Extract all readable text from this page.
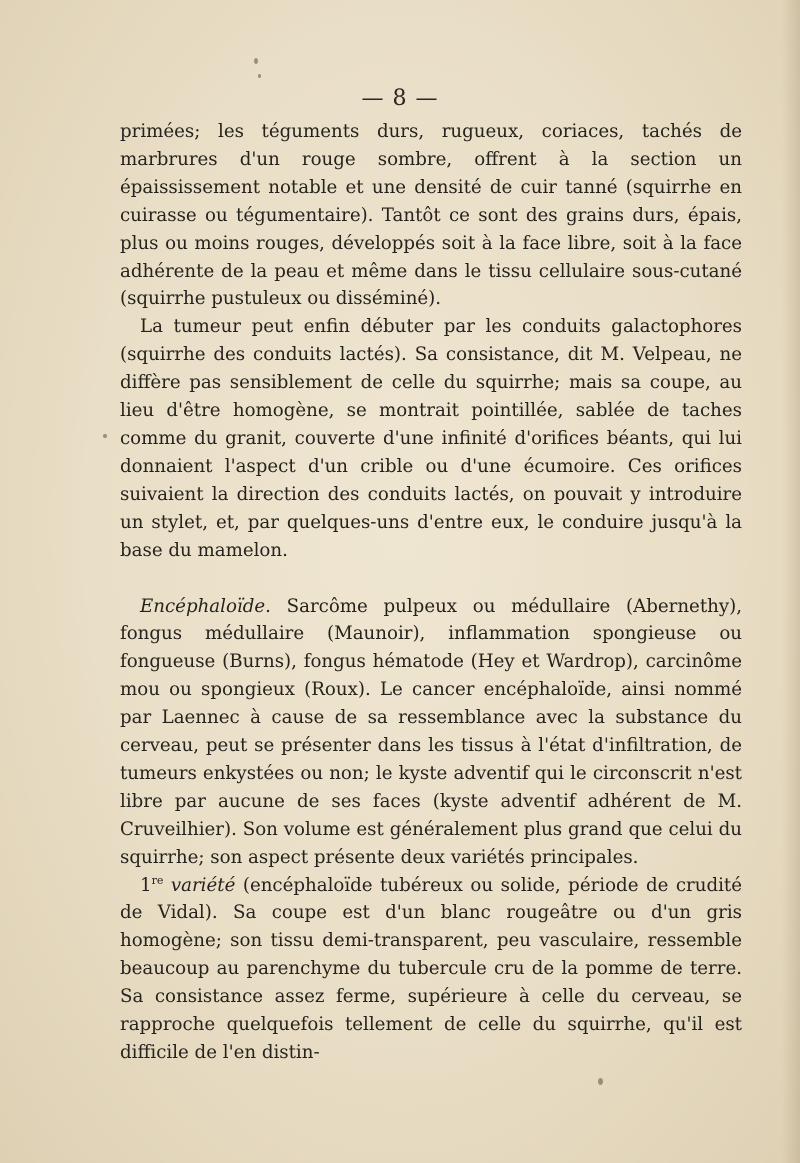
— 8 —

primées; les téguments durs, rugueux, coriaces, tachés de marbrures d'un rouge sombre, offrent à la section un épaississement notable et une densité de cuir tanné (squirrhe en cuirasse ou tégumentaire). Tantôt ce sont des grains durs, épais, plus ou moins rouges, développés soit à la face libre, soit à la face adhérente de la peau et même dans le tissu cellulaire sous-cutané (squirrhe pustuleux ou disséminé).

La tumeur peut enfin débuter par les conduits galactophores (squirrhe des conduits lactés). Sa consistance, dit M. Velpeau, ne diffère pas sensiblement de celle du squirrhe; mais sa coupe, au lieu d'être homogène, se montrait pointillée, sablée de taches comme du granit, couverte d'une infinité d'orifices béants, qui lui donnaient l'aspect d'un crible ou d'une écumoire. Ces orifices suivaient la direction des conduits lactés, on pouvait y introduire un stylet, et, par quelques-uns d'entre eux, le conduire jusqu'à la base du mamelon.

Encéphaloïde. Sarcôme pulpeux ou médullaire (Abernethy), fongus médullaire (Maunoir), inflammation spongieuse ou fongueuse (Burns), fongus hématode (Hey et Wardrop), carcinôme mou ou spongieux (Roux). Le cancer encéphaloïde, ainsi nommé par Laennec à cause de sa ressemblance avec la substance du cerveau, peut se présenter dans les tissus à l'état d'infiltration, de tumeurs enkystées ou non; le kyste adventif qui le circonscrit n'est libre par aucune de ses faces (kyste adventif adhérent de M. Cruveilhier). Son volume est généralement plus grand que celui du squirrhe; son aspect présente deux variétés principales.

1re variété (encéphaloïde tubéreux ou solide, période de crudité de Vidal). Sa coupe est d'un blanc rougeâtre ou d'un gris homogène; son tissu demi-transparent, peu vasculaire, ressemble beaucoup au parenchyme du tubercule cru de la pomme de terre. Sa consistance assez ferme, supérieure à celle du cerveau, se rapproche quelquefois tellement de celle du squirrhe, qu'il est difficile de l'en distin-
